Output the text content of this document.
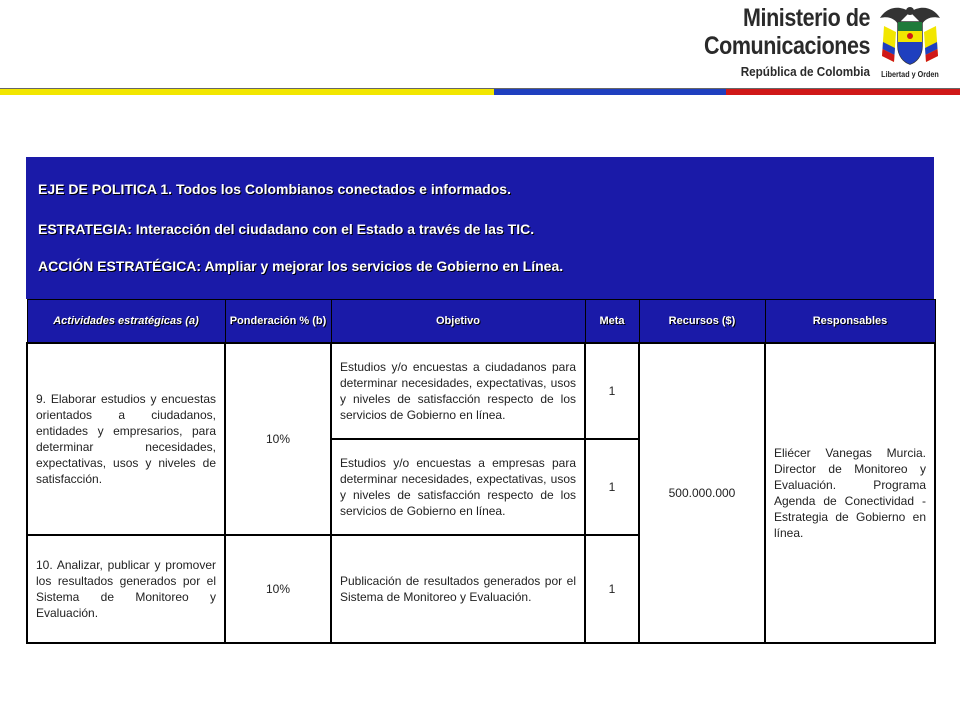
Ministerio de
Comunicaciones
República de Colombia	Libertad y Orden
EJE DE POLITICA 1. Todos los Colombianos conectados e informados.
ESTRATEGIA: Interacción del ciudadano con el Estado a través de las TIC.
ACCIÓN ESTRATÉGICA: Ampliar y mejorar los servicios de Gobierno en Línea.
Actividades estratégicas (a)	Ponderación % (b)	Objetivo	Meta	Recursos ($)	Responsables
9. Elaborar estudios y encuestas orientados a ciudadanos, entidades y empresarios, para determinar necesidades, expectativas, usos y niveles de satisfacción.	10%	Estudios y/o encuestas a ciudadanos para determinar necesidades, expectativas, usos y niveles de satisfacción respecto de los servicios de Gobierno en línea.	1	500.000.000	Eliécer Vanegas Murcia. Director de Monitoreo y Evaluación. Programa Agenda de Conectividad - Estrategia de Gobierno en línea.
		Estudios y/o encuestas a empresas para determinar necesidades, expectativas, usos y niveles de satisfacción respecto de los servicios de Gobierno en línea.	1		
10. Analizar, publicar y promover los resultados generados por el Sistema de Monitoreo y Evaluación.	10%	Publicación de resultados generados por el Sistema de Monitoreo y Evaluación.	1		
